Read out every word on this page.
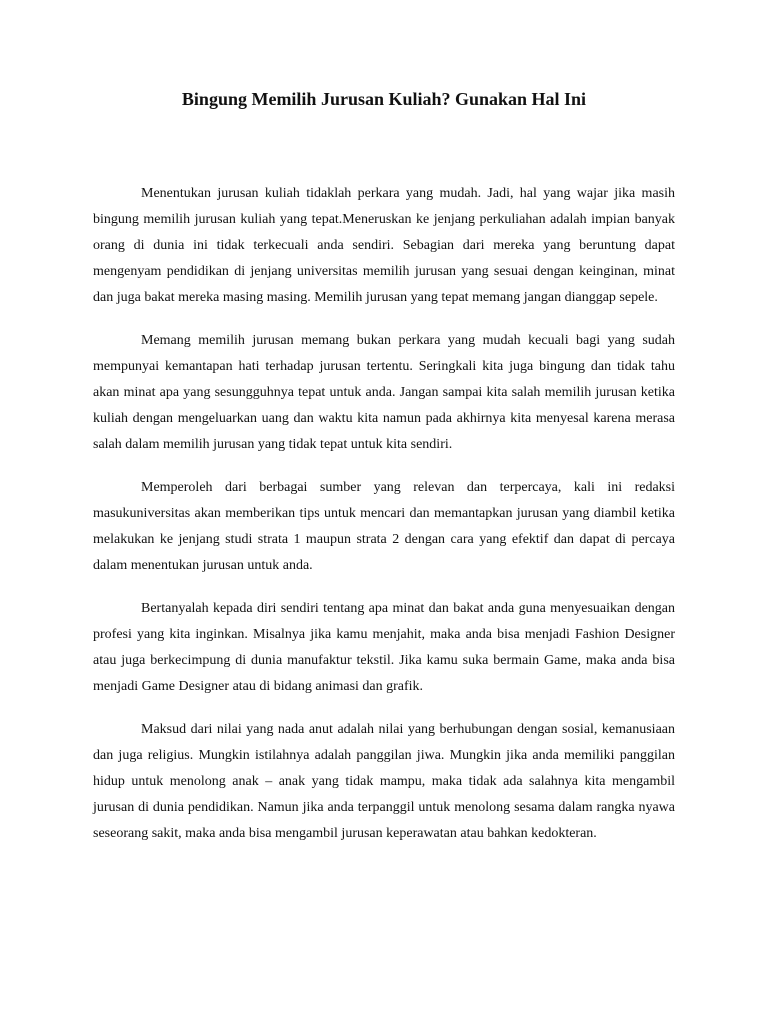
Bingung Memilih Jurusan Kuliah? Gunakan Hal Ini

Menentukan jurusan kuliah tidaklah perkara yang mudah. Jadi, hal yang wajar jika masih bingung memilih jurusan kuliah yang tepat.Meneruskan ke jenjang perkuliahan adalah impian banyak orang di dunia ini tidak terkecuali anda sendiri. Sebagian dari mereka yang beruntung dapat mengenyam pendidikan di jenjang universitas memilih jurusan yang sesuai dengan keinginan, minat dan juga bakat mereka masing masing. Memilih jurusan yang tepat memang jangan dianggap sepele.

Memang memilih jurusan memang bukan perkara yang mudah kecuali bagi yang sudah mempunyai kemantapan hati terhadap jurusan tertentu. Seringkali kita juga bingung dan tidak tahu akan minat apa yang sesungguhnya tepat untuk anda. Jangan sampai kita salah memilih jurusan ketika kuliah dengan mengeluarkan uang dan waktu kita namun pada akhirnya kita menyesal karena merasa salah dalam memilih jurusan yang tidak tepat untuk kita sendiri.

Memperoleh dari berbagai sumber yang relevan dan terpercaya, kali ini redaksi masukuniversitas akan memberikan tips untuk mencari dan memantapkan jurusan yang diambil ketika melakukan ke jenjang studi strata 1 maupun strata 2 dengan cara yang efektif dan dapat di percaya dalam menentukan jurusan untuk anda.

Bertanyalah kepada diri sendiri tentang apa minat dan bakat anda guna menyesuaikan dengan profesi yang kita inginkan. Misalnya jika kamu menjahit, maka anda bisa menjadi Fashion Designer atau juga berkecimpung di dunia manufaktur tekstil. Jika kamu suka bermain Game, maka anda bisa menjadi Game Designer atau di bidang animasi dan grafik.

Maksud dari nilai yang nada anut adalah nilai yang berhubungan dengan sosial, kemanusiaan dan juga religius. Mungkin istilahnya adalah panggilan jiwa. Mungkin jika anda memiliki panggilan hidup untuk menolong anak – anak yang tidak mampu, maka tidak ada salahnya kita mengambil jurusan di dunia pendidikan. Namun jika anda terpanggil untuk menolong sesama dalam rangka nyawa seseorang sakit, maka anda bisa mengambil jurusan keperawatan atau bahkan kedokteran.
